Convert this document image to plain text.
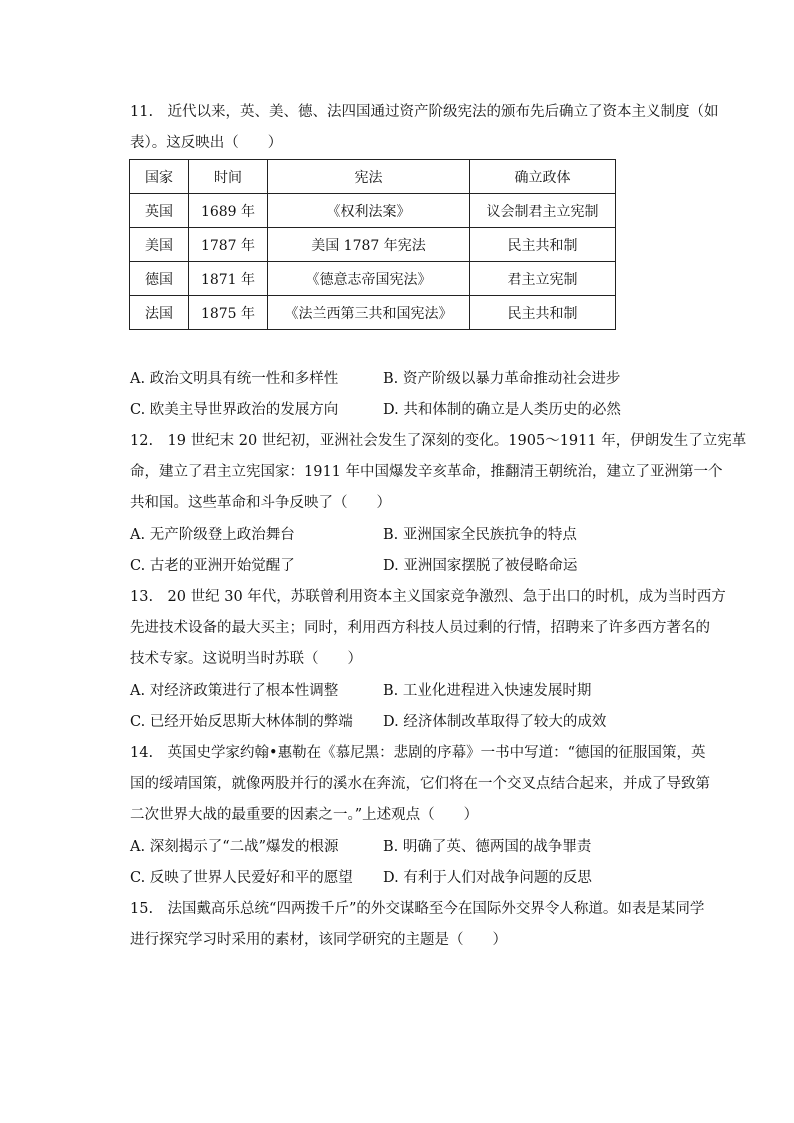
11.　近代以来，英、美、德、法四国通过资产阶级宪法的颁布先后确立了资本主义制度（如
表）。这反映出（　　）
国家	时间	宪法	确立政体
英国	1689 年	《权利法案》	议会制君主立宪制
美国	1787 年	美国 1787 年宪法	民主共和制
德国	1871 年	《德意志帝国宪法》	君主立宪制
法国	1875 年	《法兰西第三共和国宪法》	民主共和制
A. 政治文明具有统一性和多样性	B. 资产阶级以暴力革命推动社会进步
C. 欧美主导世界政治的发展方向	D. 共和体制的确立是人类历史的必然
12.　19 世纪末 20 世纪初，亚洲社会发生了深刻的变化。1905～1911 年，伊朗发生了立宪革
命，建立了君主立宪国家：1911 年中国爆发辛亥革命，推翻清王朝统治，建立了亚洲第一个
共和国。这些革命和斗争反映了（　　）
A. 无产阶级登上政治舞台	B. 亚洲国家全民族抗争的特点
C. 古老的亚洲开始觉醒了	D. 亚洲国家摆脱了被侵略命运
13.　20 世纪 30 年代，苏联曾利用资本主义国家竞争激烈、急于出口的时机，成为当时西方
先进技术设备的最大买主；同时，利用西方科技人员过剩的行情，招聘来了许多西方著名的
技术专家。这说明当时苏联（　　）
A. 对经济政策进行了根本性调整	B. 工业化进程进入快速发展时期
C. 已经开始反思斯大林体制的弊端 D. 经济体制改革取得了较大的成效
14.　英国史学家约翰•惠勒在《慕尼黑：悲剧的序幕》一书中写道：“德国的征服国策，英
国的绥靖国策，就像两股并行的溪水在奔流，它们将在一个交叉点结合起来，并成了导致第
二次世界大战的最重要的因素之一。”上述观点（　　）
A. 深刻揭示了“二战”爆发的根源	B. 明确了英、德两国的战争罪责
C. 反映了世界人民爱好和平的愿望 D. 有利于人们对战争问题的反思
15.　法国戴高乐总统“四两拨千斤”的外交谋略至今在国际外交界令人称道。如表是某同学
进行探究学习时采用的素材，该同学研究的主题是（　　）
